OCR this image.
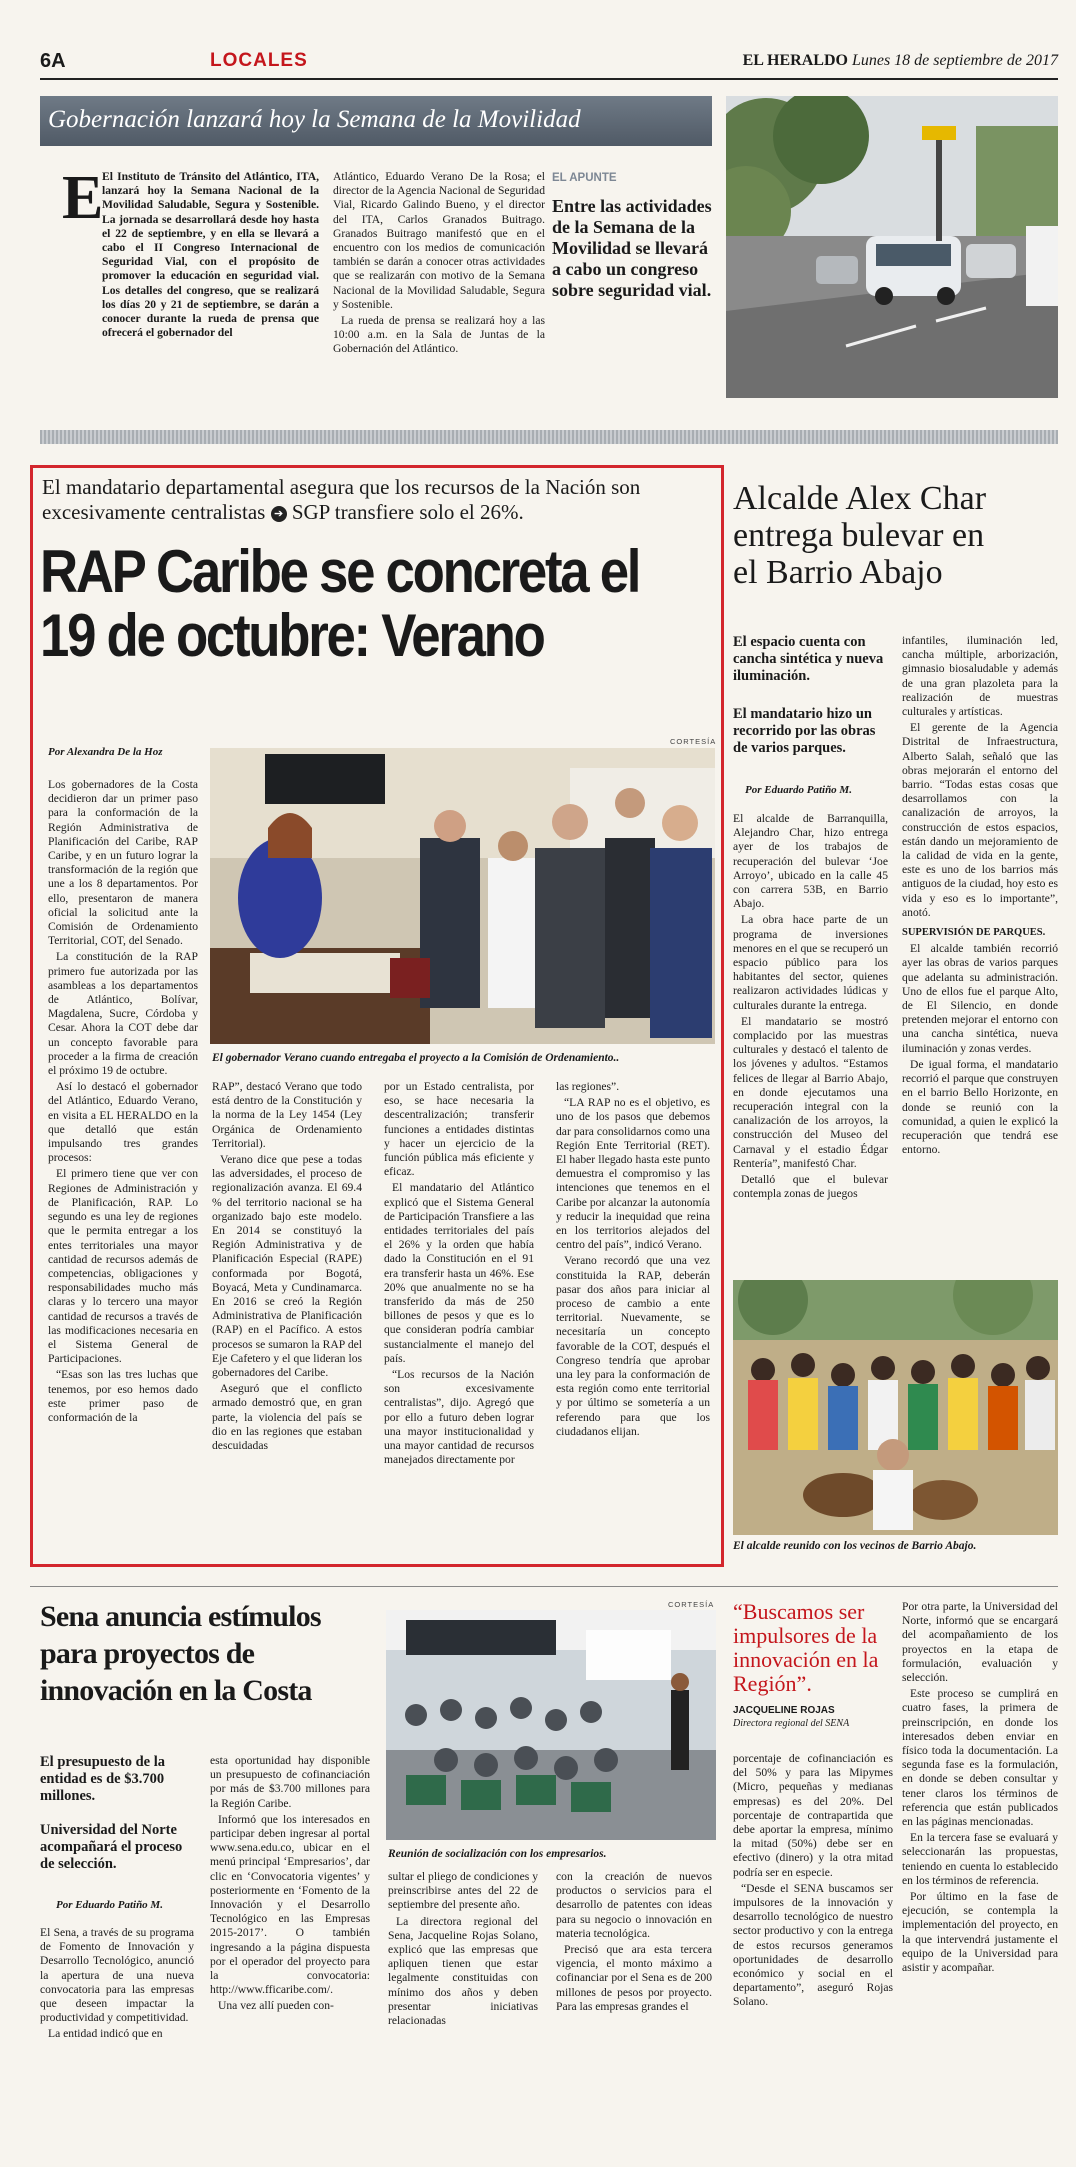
6A	LOCALES	EL HERALDO Lunes 18 de septiembre de 2017
Gobernación lanzará hoy la Semana de la Movilidad
E

El Instituto de Tránsito del Atlántico, ITA, lanzará hoy la Semana Nacional de la Movilidad Saludable, Segura y Sostenible. La jornada se desarrollará desde hoy hasta el 22 de septiembre, y en ella se llevará a cabo el II Congreso Internacional de Seguridad Vial, con el propósito de promover la educación en seguridad vial. Los detalles del congreso, que se realizará los días 20 y 21 de septiembre, se darán a conocer durante la rueda de prensa que ofrecerá el gobernador del

Atlántico, Eduardo Verano De la Rosa; el director de la Agencia Nacional de Seguridad Vial, Ricardo Galindo Bueno, y el director del ITA, Carlos Granados Buitrago. Granados Buitrago manifestó que en el encuentro con los medios de comunicación también se darán a conocer otras actividades que se realizarán con motivo de la Semana Nacional de la Movilidad Saludable, Segura y Sostenible.

La rueda de prensa se realizará hoy a las 10:00 a.m. en la Sala de Juntas de la Gobernación del Atlántico.

EL APUNTE
Entre las actividades de la Semana de la Movilidad se llevará a cabo un congreso sobre seguridad vial.
El mandatario departamental asegura que los recursos de la Nación son excesivamente centralistas ➔ SGP transfiere solo el 26%.
RAP Caribe se concreta el
19 de octubre: Verano
CORTESÍA
Por Alexandra De la Hoz
El gobernador Verano cuando entregaba el proyecto a la Comisión de Ordenamiento..

Los gobernadores de la Costa decidieron dar un primer paso para la conformación de la Región Administrativa de Planificación del Caribe, RAP Caribe, y en un futuro lograr la transformación de la región que une a los 8 departamentos. Por ello, presentaron de manera oficial la solicitud ante la Comisión de Ordenamiento Territorial, COT, del Senado.

La constitución de la RAP primero fue autorizada por las asambleas a los departamentos de Atlántico, Bolívar, Magdalena, Sucre, Córdoba y Cesar. Ahora la COT debe dar un concepto favorable para proceder a la firma de creación el próximo 19 de octubre.

Así lo destacó el gobernador del Atlántico, Eduardo Verano, en visita a EL HERALDO en la que detalló que están impulsando tres grandes procesos:

El primero tiene que ver con Regiones de Administración y de Planificación, RAP. Lo segundo es una ley de regiones que le permita entregar a los entes territoriales una mayor cantidad de recursos además de competencias, obligaciones y responsabilidades mucho más claras y lo tercero una mayor cantidad de recursos a través de las modificaciones necesaria en el Sistema General de Participaciones.

“Esas son las tres luchas que tenemos, por eso hemos dado este primer paso de conformación de la

RAP”, destacó Verano que todo está dentro de la Constitución y la norma de la Ley 1454 (Ley Orgánica de Ordenamiento Territorial).

Verano dice que pese a todas las adversidades, el proceso de regionalización avanza. El 69.4 % del territorio nacional se ha organizado bajo este modelo. En 2014 se constituyó la Región Administrativa y de Planificación Especial (RAPE) conformada por Bogotá, Boyacá, Meta y Cundinamarca. En 2016 se creó la Región Administrativa de Planificación (RAP) en el Pacífico. A estos procesos se sumaron la RAP del Eje Cafetero y el que lideran los gobernadores del Caribe.

Aseguró que el conflicto armado demostró que, en gran parte, la violencia del país se dio en las regiones que estaban descuidadas

por un Estado centralista, por eso, se hace necesaria la descentralización; transferir funciones a entidades distintas y hacer un ejercicio de la función pública más eficiente y eficaz.

El mandatario del Atlántico explicó que el Sistema General de Participación Transfiere a las entidades territoriales del país el 26% y la orden que había dado la Constitución en el 91 era transferir hasta un 46%. Ese 20% que anualmente no se ha transferido da más de 250 billones de pesos y que es lo que consideran podría cambiar sustancialmente el manejo del país.

“Los recursos de la Nación son excesivamente centralistas”, dijo. Agregó que por ello a futuro deben lograr una mayor institucionalidad y una mayor cantidad de recursos manejados directamente por

las regiones”.

“LA RAP no es el objetivo, es uno de los pasos que debemos dar para consolidarnos como una Región Ente Territorial (RET). El haber llegado hasta este punto demuestra el compromiso y las intenciones que tenemos en el Caribe por alcanzar la autonomía y reducir la inequidad que reina en los territorios alejados del centro del país”, indicó Verano.

Verano recordó que una vez constituida la RAP, deberán pasar dos años para iniciar al proceso de cambio a ente territorial. Nuevamente, se necesitaría un concepto favorable de la COT, después el Congreso tendría que aprobar una ley para la conformación de esta región como ente territorial y por último se sometería a un referendo para que los ciudadanos elijan.

Alcalde Alex Char
entrega bulevar en
el Barrio Abajo
El espacio cuenta con cancha sintética y nueva iluminación.
El mandatario hizo un recorrido por las obras de varios parques.
Por Eduardo Patiño M.

El alcalde de Barranquilla, Alejandro Char, hizo entrega ayer de los trabajos de recuperación del bulevar ‘Joe Arroyo’, ubicado en la calle 45 con carrera 53B, en Barrio Abajo.

La obra hace parte de un programa de inversiones menores en el que se recuperó un espacio público para los habitantes del sector, quienes realizaron actividades lúdicas y culturales durante la entrega.

El mandatario se mostró complacido por las muestras culturales y destacó el talento de los jóvenes y adultos. “Estamos felices de llegar al Barrio Abajo, en donde ejecutamos una recuperación integral con la canalización de los arroyos, la construcción del Museo del Carnaval y el estadio Édgar Rentería”, manifestó Char.

Detalló que el bulevar contempla zonas de juegos

infantiles, iluminación led, cancha múltiple, arborización, gimnasio biosaludable y además de una gran plazoleta para la realización de muestras culturales y artísticas.

El gerente de la Agencia Distrital de Infraestructura, Alberto Salah, señaló que las obras mejorarán el entorno del barrio. “Todas estas cosas que desarrollamos con la canalización de arroyos, la construcción de estos espacios, están dando un mejoramiento de la calidad de vida en la gente, este es uno de los barrios más antiguos de la ciudad, hoy esto es vida y eso es lo importante”, anotó.

SUPERVISIÓN DE PARQUES.

El alcalde también recorrió ayer las obras de varios parques que adelanta su administración. Uno de ellos fue el parque Alto, de El Silencio, en donde pretenden mejorar el entorno con una cancha sintética, nueva iluminación y zonas verdes.

De igual forma, el mandatario recorrió el parque que construyen en el barrio Bello Horizonte, en donde se reunió con la comunidad, a quien le explicó la recuperación que tendrá ese entorno.

El alcalde reunido con los vecinos de Barrio Abajo.
Sena anuncia estímulos
para proyectos de
innovación en la Costa
El presupuesto de la entidad es de $3.700 millones.
Universidad del Norte acompañará el proceso de selección.
Por Eduardo Patiño M.

El Sena, a través de su programa de Fomento de Innovación y Desarrollo Tecnológico, anunció la apertura de una nueva convocatoria para las empresas que deseen impactar la productividad y competitividad.

La entidad indicó que en

esta oportunidad hay disponible un presupuesto de cofinanciación por más de $3.700 millones para la Región Caribe.

Informó que los interesados en participar deben ingresar al portal www.sena.edu.co, ubicar en el menú principal ‘Empresarios’, dar clic en ‘Convocatoria vigentes’ y posteriormente en ‘Fomento de la Innovación y el Desarrollo Tecnológico en las Empresas 2015-2017’. O también ingresando a la página dispuesta por el operador del proyecto para la convocatoria: http://www.fficaribe.com/.

Una vez allí pueden con-

CORTESÍA
Reunión de socialización con los empresarios.

sultar el pliego de condiciones y preinscribirse antes del 22 de septiembre del presente año.

La directora regional del Sena, Jacqueline Rojas Solano, explicó que las empresas que apliquen tienen que estar legalmente constituidas con mínimo dos años y deben presentar iniciativas relacionadas

con la creación de nuevos productos o servicios para el desarrollo de patentes con ideas para su negocio o innovación en materia tecnológica.

Precisó que ara esta tercera vigencia, el monto máximo a cofinanciar por el Sena es de 200 millones de pesos por proyecto. Para las empresas grandes el

“Buscamos ser impulsores de la innovación en la Región”.
JACQUELINE ROJAS
Directora regional del SENA

porcentaje de cofinanciación es del 50% y para las Mipymes (Micro, pequeñas y medianas empresas) es del 20%. Del porcentaje de contrapartida que debe aportar la empresa, mínimo la mitad (50%) debe ser en efectivo (dinero) y la otra mitad podría ser en especie.

“Desde el SENA buscamos ser impulsores de la innovación y desarrollo tecnológico de nuestro sector productivo y con la entrega de estos recursos generamos oportunidades de desarrollo económico y social en el departamento”, aseguró Rojas Solano.

Por otra parte, la Universidad del Norte, informó que se encargará del acompañamiento de los proyectos en la etapa de formulación, evaluación y selección.

Este proceso se cumplirá en cuatro fases, la primera de preinscripción, en donde los interesados deben enviar en físico toda la documentación. La segunda fase es la formulación, en donde se deben consultar y tener claros los términos de referencia que están publicados en las páginas mencionadas.

En la tercera fase se evaluará y seleccionarán las propuestas, teniendo en cuenta lo establecido en los términos de referencia.

Por último en la fase de ejecución, se contempla la implementación del proyecto, en la que intervendrá justamente el equipo de la Universidad para asistir y acompañar.
